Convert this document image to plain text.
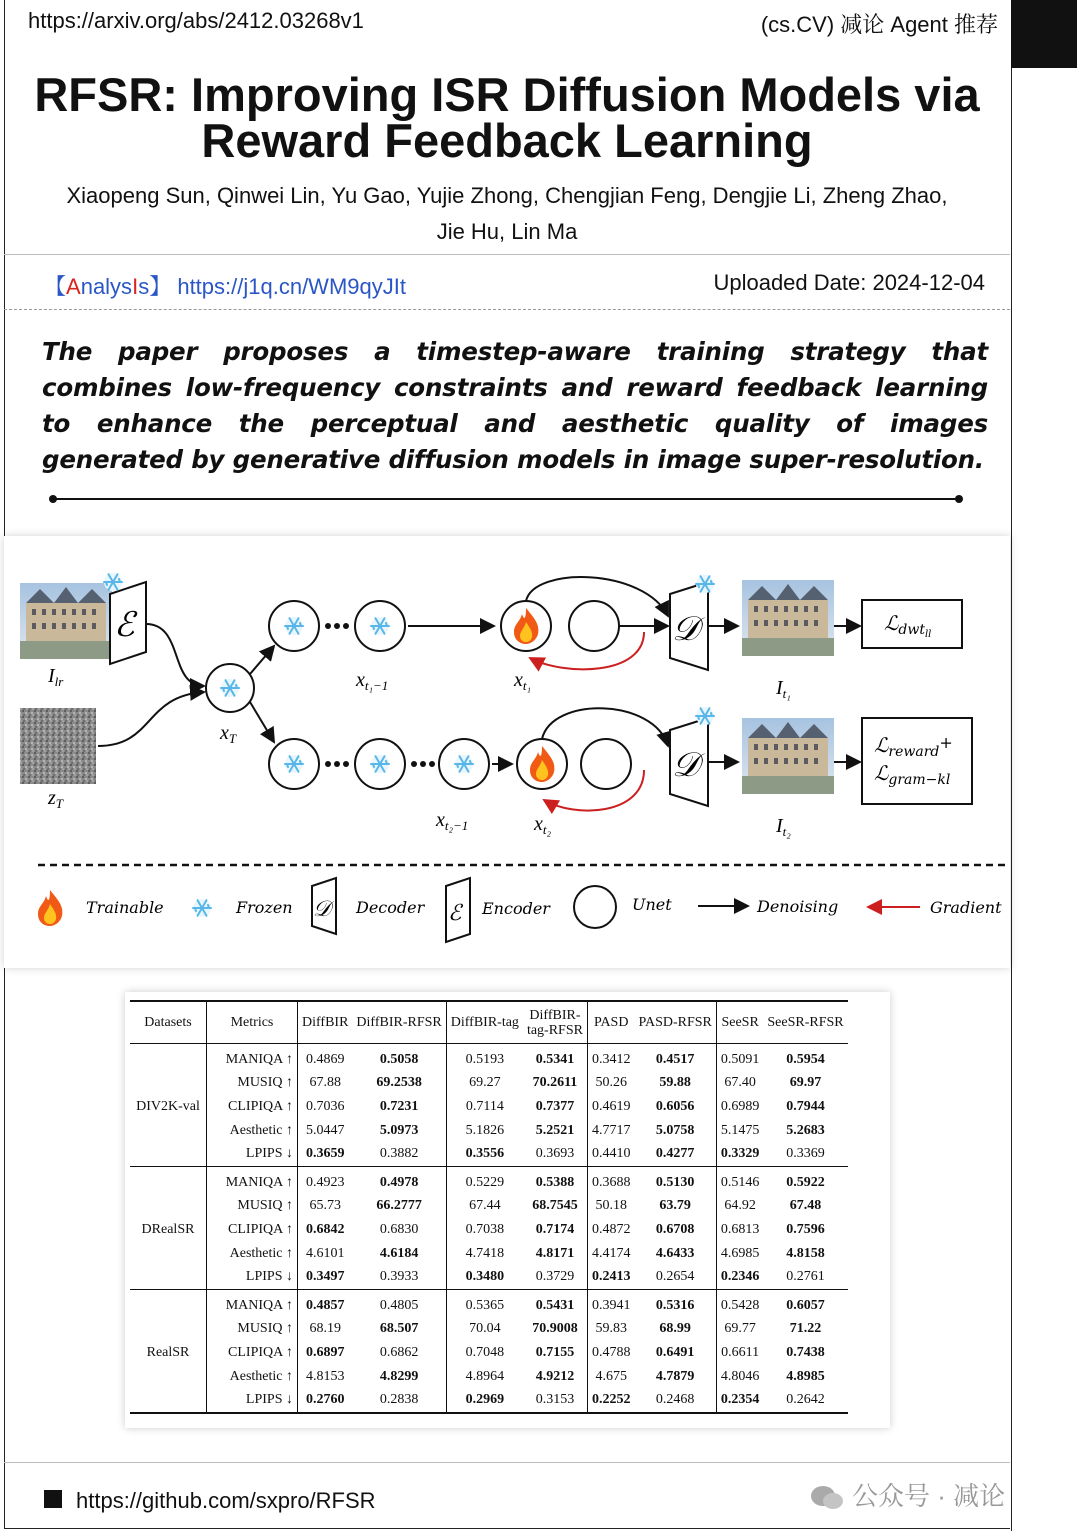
https://arxiv.org/abs/2412.03268v1	(cs.CV) 减论 Agent 推荐
RFSR: Improving ISR Diffusion Models via
Reward Feedback Learning
Xiaopeng Sun, Qinwei Lin, Yu Gao, Yujie Zhong, Chengjian Feng, Dengjie Li, Zheng Zhao,
Jie Hu, Lin Ma
【AnalysIs】 https://j1q.cn/WM9qyJIt	Uploaded Date: 2024-12-04
The paper proposes a timestep-aware training strategy that combines low-frequency constraints and reward feedback learning to enhance the perceptual and aesthetic quality of images generated by generative diffusion models in image super-resolution.
$I_{lr}$
$z_T$
ℰ
$x_T$
$x_{t_1-1}$	$x_{t_1}$
𝒟
$I_{t_1}$
ℒ$_{dwt}$ll
$x_{t_2-1}$	$x_{t_2}$
𝒟
$I_{t_2}$
ℒ$_{reward}$+
ℒ$_{gram-kl}$
Trainable	Frozen 𝒟 Decoder ℰ Encoder	Unet	Denoising	Gradient
Datasets	Metrics	DiffBIR	DiffBIR-RFSR	DiffBIR-tag	DiffBIR-
tag-RFSR	PASD	PASD-RFSR	SeeSR	SeeSR-RFSR
DIV2K-val	MANIQA ↑	0.4869	0.5058	0.5193	0.5341	0.3412	0.4517	0.5091	0.5954
	MUSIQ ↑	67.88	69.2538	69.27	70.2611	50.26	59.88	67.40	69.97
	CLIPIQA ↑	0.7036	0.7231	0.7114	0.7377	0.4619	0.6056	0.6989	0.7944
	Aesthetic ↑	5.0447	5.0973	5.1826	5.2521	4.7717	5.0758	5.1475	5.2683
	LPIPS ↓	0.3659	0.3882	0.3556	0.3693	0.4410	0.4277	0.3329	0.3369
DRealSR	MANIQA ↑	0.4923	0.4978	0.5229	0.5388	0.3688	0.5130	0.5146	0.5922
	MUSIQ ↑	65.73	66.2777	67.44	68.7545	50.18	63.79	64.92	67.48
	CLIPIQA ↑	0.6842	0.6830	0.7038	0.7174	0.4872	0.6708	0.6813	0.7596
	Aesthetic ↑	4.6101	4.6184	4.7418	4.8171	4.4174	4.6433	4.6985	4.8158
	LPIPS ↓	0.3497	0.3933	0.3480	0.3729	0.2413	0.2654	0.2346	0.2761
RealSR	MANIQA ↑	0.4857	0.4805	0.5365	0.5431	0.3941	0.5316	0.5428	0.6057
	MUSIQ ↑	68.19	68.507	70.04	70.9008	59.83	68.99	69.77	71.22
	CLIPIQA ↑	0.6897	0.6862	0.7048	0.7155	0.4788	0.6491	0.6611	0.7438
	Aesthetic ↑	4.8153	4.8299	4.8964	4.9212	4.675	4.7879	4.8046	4.8985
	LPIPS ↓	0.2760	0.2838	0.2969	0.3153	0.2252	0.2468	0.2354	0.2642
https://github.com/sxpro/RFSR	公众号 · 减论
